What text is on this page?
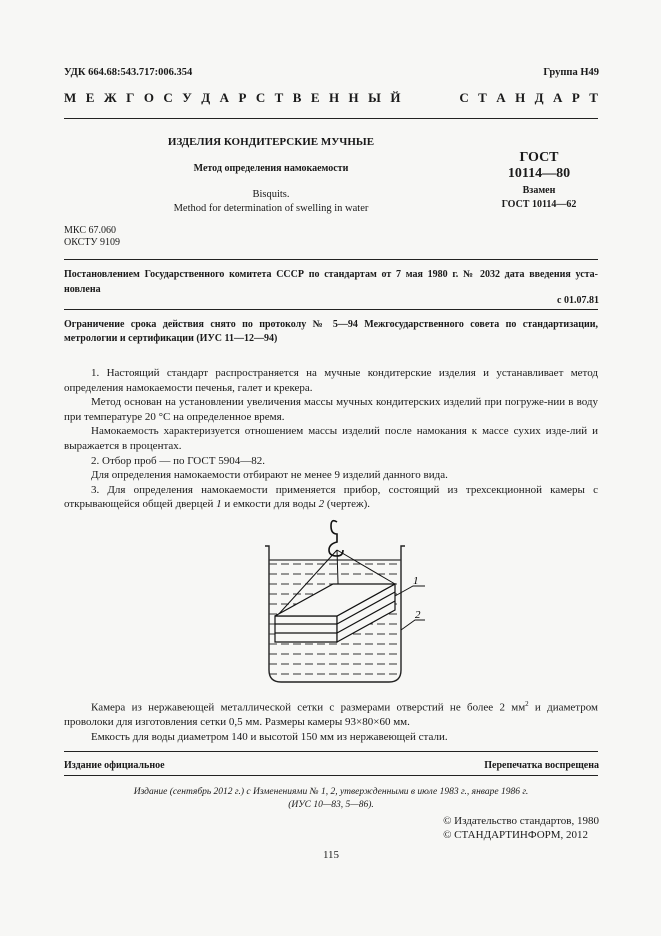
УДК 664.68:543.717:006.354	Группа Н49
М Е Ж Г О С У Д А Р С Т В Е Н Н Ы Й	С Т А Н Д А Р Т
ИЗДЕЛИЯ КОНДИТЕРСКИЕ МУЧНЫЕ
Метод определения намокаемости
Bisquits.
Method for determination of swelling in water
ГОСТ
10114—80
Взамен
ГОСТ 10114—62
МКС 67.060
ОКСТУ 9109
Постановлением Государственного комитета СССР по стандартам от 7 мая 1980 г. № 2032 дата введения уста-новлена
с 01.07.81
Ограничение срока действия снято по протоколу № 5—94 Межгосударственного совета по стандартизации, метрологии и сертификации (ИУС 11—12—94)

1. Настоящий стандарт распространяется на мучные кондитерские изделия и устанавливает метод определения намокаемости печенья, галет и крекера.

Метод основан на установлении увеличения массы мучных кондитерских изделий при погруже-нии в воду при температуре 20 °С на определенное время.

Намокаемость характеризуется отношением массы изделий после намокания к массе сухих изде-лий и выражается в процентах.

2. Отбор проб — по ГОСТ 5904—82.

Для определения намокаемости отбирают не менее 9 изделий данного вида.

3. Для определения намокаемости применяется прибор, состоящий из трехсекционной камеры с открывающейся общей дверцей 1 и емкости для воды 2 (чертеж).

1
2

Камера из нержавеющей металлической сетки с размерами отверстий не более 2 $мм^2$ и диаметром проволоки для изготовления сетки 0,5 мм. Размеры камеры 93×80×60 мм.

Емкость для воды диаметром 140 и высотой 150 мм из нержавеющей стали.

Издание официальное	Перепечатка воспрещена
Издание (сентябрь 2012 г.) с Изменениями № 1, 2, утвержденными в июле 1983 г., январе 1986 г.
(ИУС 10—83, 5—86).
© Издательство стандартов, 1980
© СТАНДАРТИНФОРМ, 2012
115
